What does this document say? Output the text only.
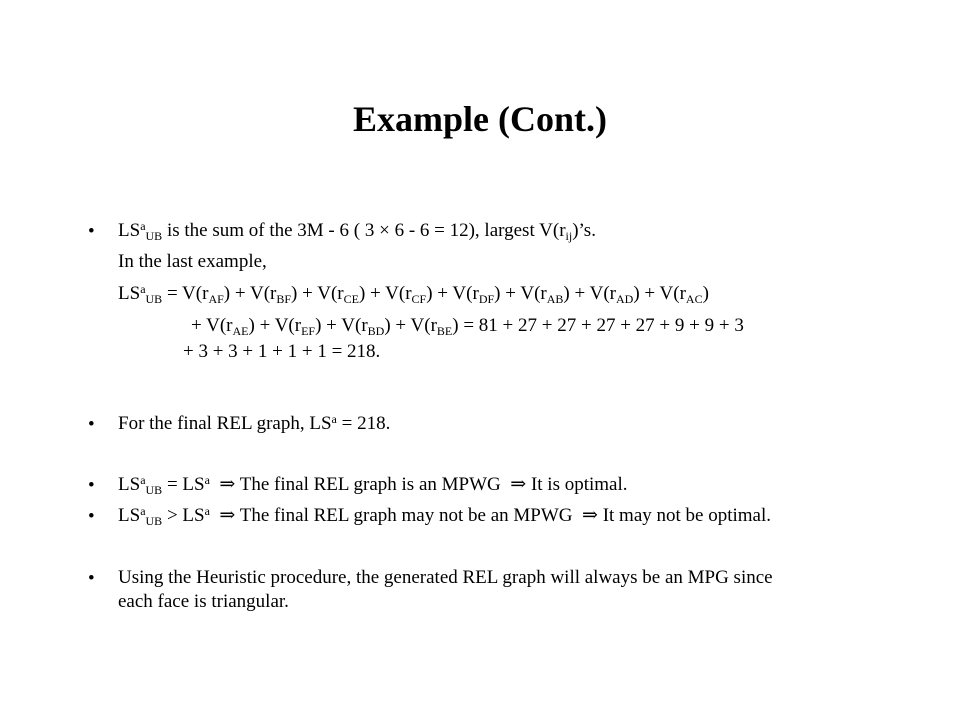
Example (Cont.)
• $LS^a_{UB}$ is the sum of the 3M - 6 ( 3 × 6 - 6 = 12), largest $V(r_{ij})’s$.
In the last example,
$LS^a_{UB} = V(r_{AF}) + V(r_{BF}) + V(r_{CE}) + V(r_{CF}) + V(r_{DF}) + V(r_{AB}) + V(r_{AD}) + V(r_{AC})$
+ $V(r_{AE}) + V(r_{EF}) + V(r_{BD}) + V(r_{BE}) = 81 + 27 + 27 + 27 + 27 + 9 + 9 + 3$
+ 3 + 3 + 1 + 1 + 1 = 218.
• For the final REL graph, $LS^a = 218$.
• $LS^a_{UB} = LS^a$ ⇒ The final REL graph is an MPWG  ⇒ It is optimal.
• $LS^a_{UB} > LS^a$ ⇒ The final REL graph may not be an MPWG  ⇒ It may not be optimal.
• Using the Heuristic procedure, the generated REL graph will always be an MPG since
each face is triangular.
